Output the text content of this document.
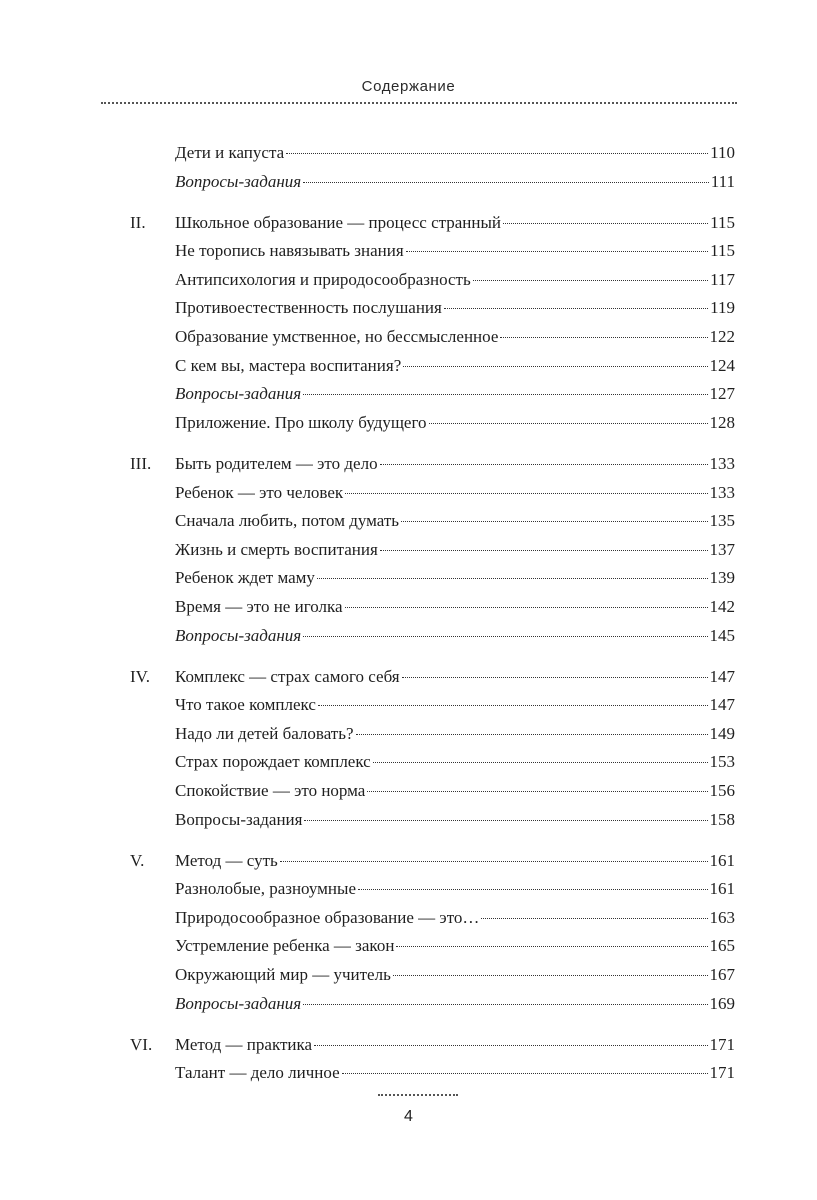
Содержание
Дети и капуста	110
Вопросы-задания	111
II. Школьное образование — процесс странный	115
Не торопись навязывать знания	115
Антипсихология и природосообразность	117
Противоестественность послушания	119
Образование умственное, но бессмысленное	122
С кем вы, мастера воспитания?	124
Вопросы-задания	127
Приложение. Про школу будущего	128
III. Быть родителем — это дело	133
Ребенок — это человек	133
Сначала любить, потом думать	135
Жизнь и смерть воспитания	137
Ребенок ждет маму	139
Время — это не иголка	142
Вопросы-задания	145
IV. Комплекс — страх самого себя	147
Что такое комплекс	147
Надо ли детей баловать?	149
Страх порождает комплекс	153
Спокойствие — это норма	156
Вопросы-задания	158
V. Метод — суть	161
Разнолобые, разноумные	161
Природосообразное образование — это…	163
Устремление ребенка — закон	165
Окружающий мир — учитель	167
Вопросы-задания	169
VI. Метод — практика	171
Талант — дело личное	171
4
